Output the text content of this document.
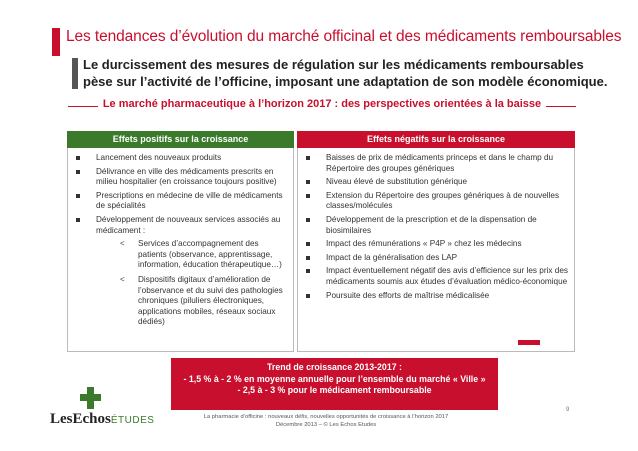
Les tendances d’évolution du marché officinal et des médicaments remboursables
Le durcissement des mesures de régulation sur les médicaments remboursables
pèse sur l’activité de l’officine, imposant une adaptation de son modèle économique.
Le marché pharmaceutique à l’horizon 2017 : des perspectives orientées à la baisse
Effets positifs sur la croissance	Effets négatifs sur la croissance
Lancement des nouveaux produits
Délivrance en ville des médicaments prescrits en milieu hospitalier (en croissance toujours positive)
Prescriptions en médecine de ville de médicaments de spécialités
Développement de nouveaux services associés au médicament :
< Services d’accompagnement des patients (observance, apprentissage, information, éducation thérapeutique…)
< Dispositifs digitaux d’amélioration de l’observance et du suivi des pathologies chroniques (piluliers électroniques, applications mobiles, réseaux sociaux dédiés)
Baisses de prix de médicaments princeps et dans le champ du Répertoire des groupes génériques
Niveau élevé de substitution générique
Extension du Répertoire des groupes génériques à de nouvelles classes/molécules
Développement de la prescription et de la dispensation de biosimilaires
Impact des rémunérations « P4P » chez les médecins
Impact de la généralisation des LAP
Impact éventuellement négatif des avis d’efficience sur les prix des médicaments soumis aux études d’évaluation médico-économique
Poursuite des efforts de maîtrise médicalisée
Trend de croissance 2013-2017 :
- 1,5 % à - 2 % en moyenne annuelle pour l’ensemble du marché « Ville »
- 2,5 à - 3 % pour le médicament remboursable
LesEchosÉTUDES	La pharmacie d’officine : nouveaux défis, nouvelles opportunités de croissance à l’horizon 2017
Décembre 2013 – © Les Echos Etudes
9
